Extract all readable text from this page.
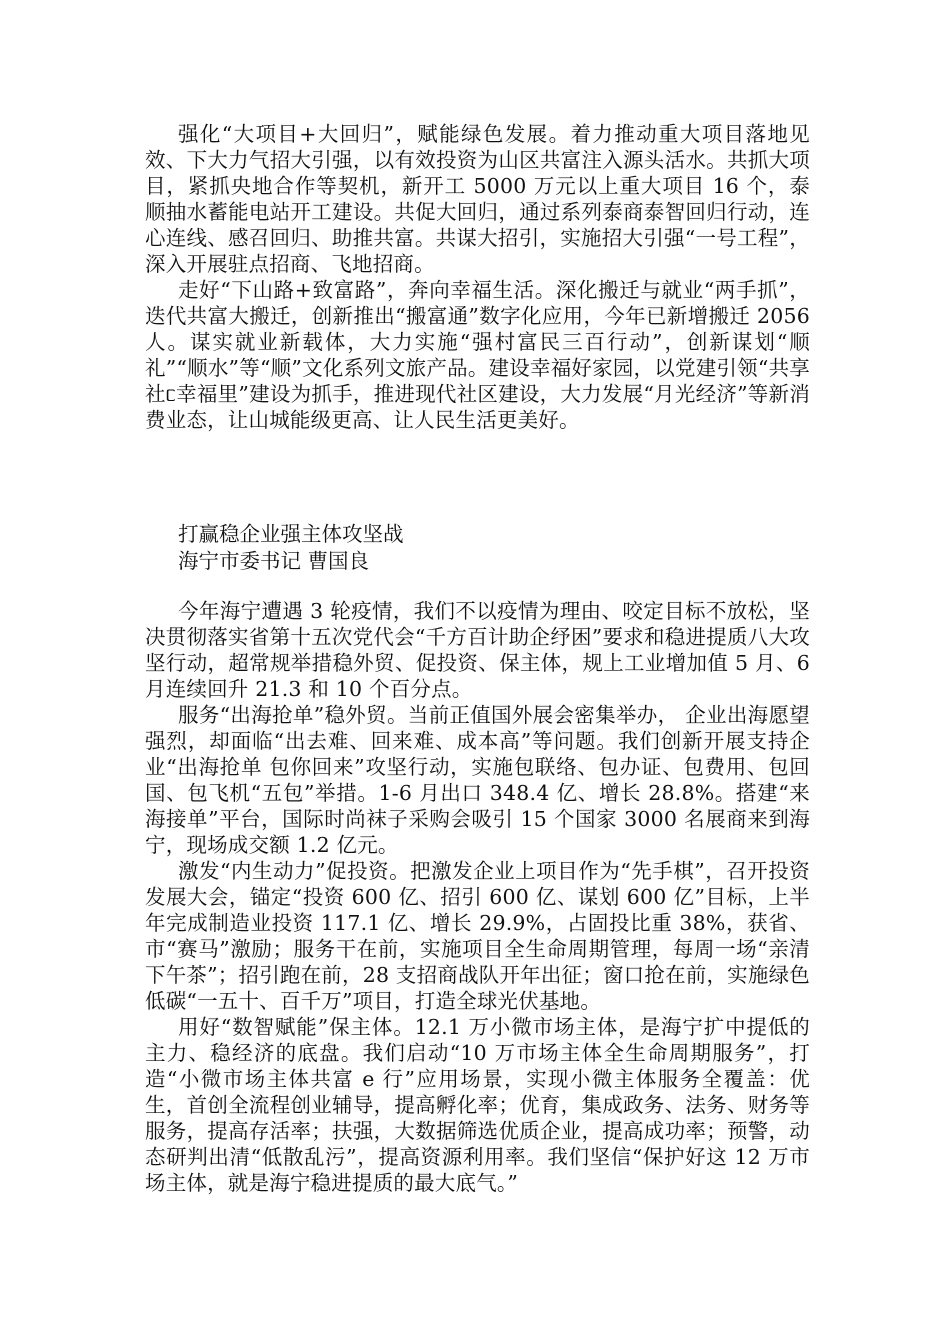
强化“大项目+大回归”，赋能绿色发展。着力推动重大项目落地见效、下大力气招大引强，以有效投资为山区共富注入源头活水。共抓大项目，紧抓央地合作等契机，新开工 5000 万元以上重大项目 16 个，泰顺抽水蓄能电站开工建设。共促大回归，通过系列泰商泰智回归行动，连心连线、感召回归、助推共富。共谋大招引，实施招大引强“一号工程”，深入开展驻点招商、飞地招商。

走好“下山路+致富路”，奔向幸福生活。深化搬迁与就业“两手抓”，迭代共富大搬迁，创新推出“搬富通”数字化应用，今年已新增搬迁 2056 人。谋实就业新载体，大力实施“强村富民三百行动”，创新谋划“顺礼”“顺水”等“顺”文化系列文旅产品。建设幸福好家园，以党建引领“共享社ᥴ幸福里”建设为抓手，推进现代社区建设，大力发展“月光经济”等新消费业态，让山城能级更高、让人民生活更美好。

打赢稳企业强主体攻坚战
海宁市委书记 曹国良

今年海宁遭遇 3 轮疫情，我们不以疫情为理由、咬定目标不放松，坚决贯彻落实省第十五次党代会“千方百计助企纾困”要求和稳进提质八大攻坚行动，超常规举措稳外贸、促投资、保主体，规上工业增加值 5 月、6 月连续回升 21.3 和 10 个百分点。

服务“出海抢单”稳外贸。当前正值国外展会密集举办， 企业出海愿望强烈，却面临“出去难、回来难、成本高”等问题。我们创新开展支持企业“出海抢单 包你回来”攻坚行动，实施包联络、包办证、包费用、包回国、包飞机“五包”举措。1-6 月出口 348.4 亿、增长 28.8%。搭建“来海接单”平台，国际时尚袜子采购会吸引 15 个国家 3000 名展商来到海宁，现场成交额 1.2 亿元。

激发“内生动力”促投资。把激发企业上项目作为“先手棋”，召开投资发展大会，锚定“投资 600 亿、招引 600 亿、谋划 600 亿”目标，上半年完成制造业投资 117.1 亿、增长 29.9%，占固投比重 38%，获省、市“赛马”激励；服务干在前，实施项目全生命周期管理，每周一场“亲清下午茶”；招引跑在前，28 支招商战队开年出征；窗口抢在前，实施绿色低碳“一五十、百千万”项目，打造全球光伏基地。

用好“数智赋能”保主体。12.1 万小微市场主体，是海宁扩中提低的主力、稳经济的底盘。我们启动“10 万市场主体全生命周期服务”，打造“小微市场主体共富 e 行”应用场景，实现小微主体服务全覆盖：优生，首创全流程创业辅导，提高孵化率；优育，集成政务、法务、财务等服务，提高存活率；扶强，大数据筛选优质企业，提高成功率；预警，动态研判出清“低散乱污”，提高资源利用率。我们坚信“保护好这 12 万市场主体，就是海宁稳进提质的最大底气。”
